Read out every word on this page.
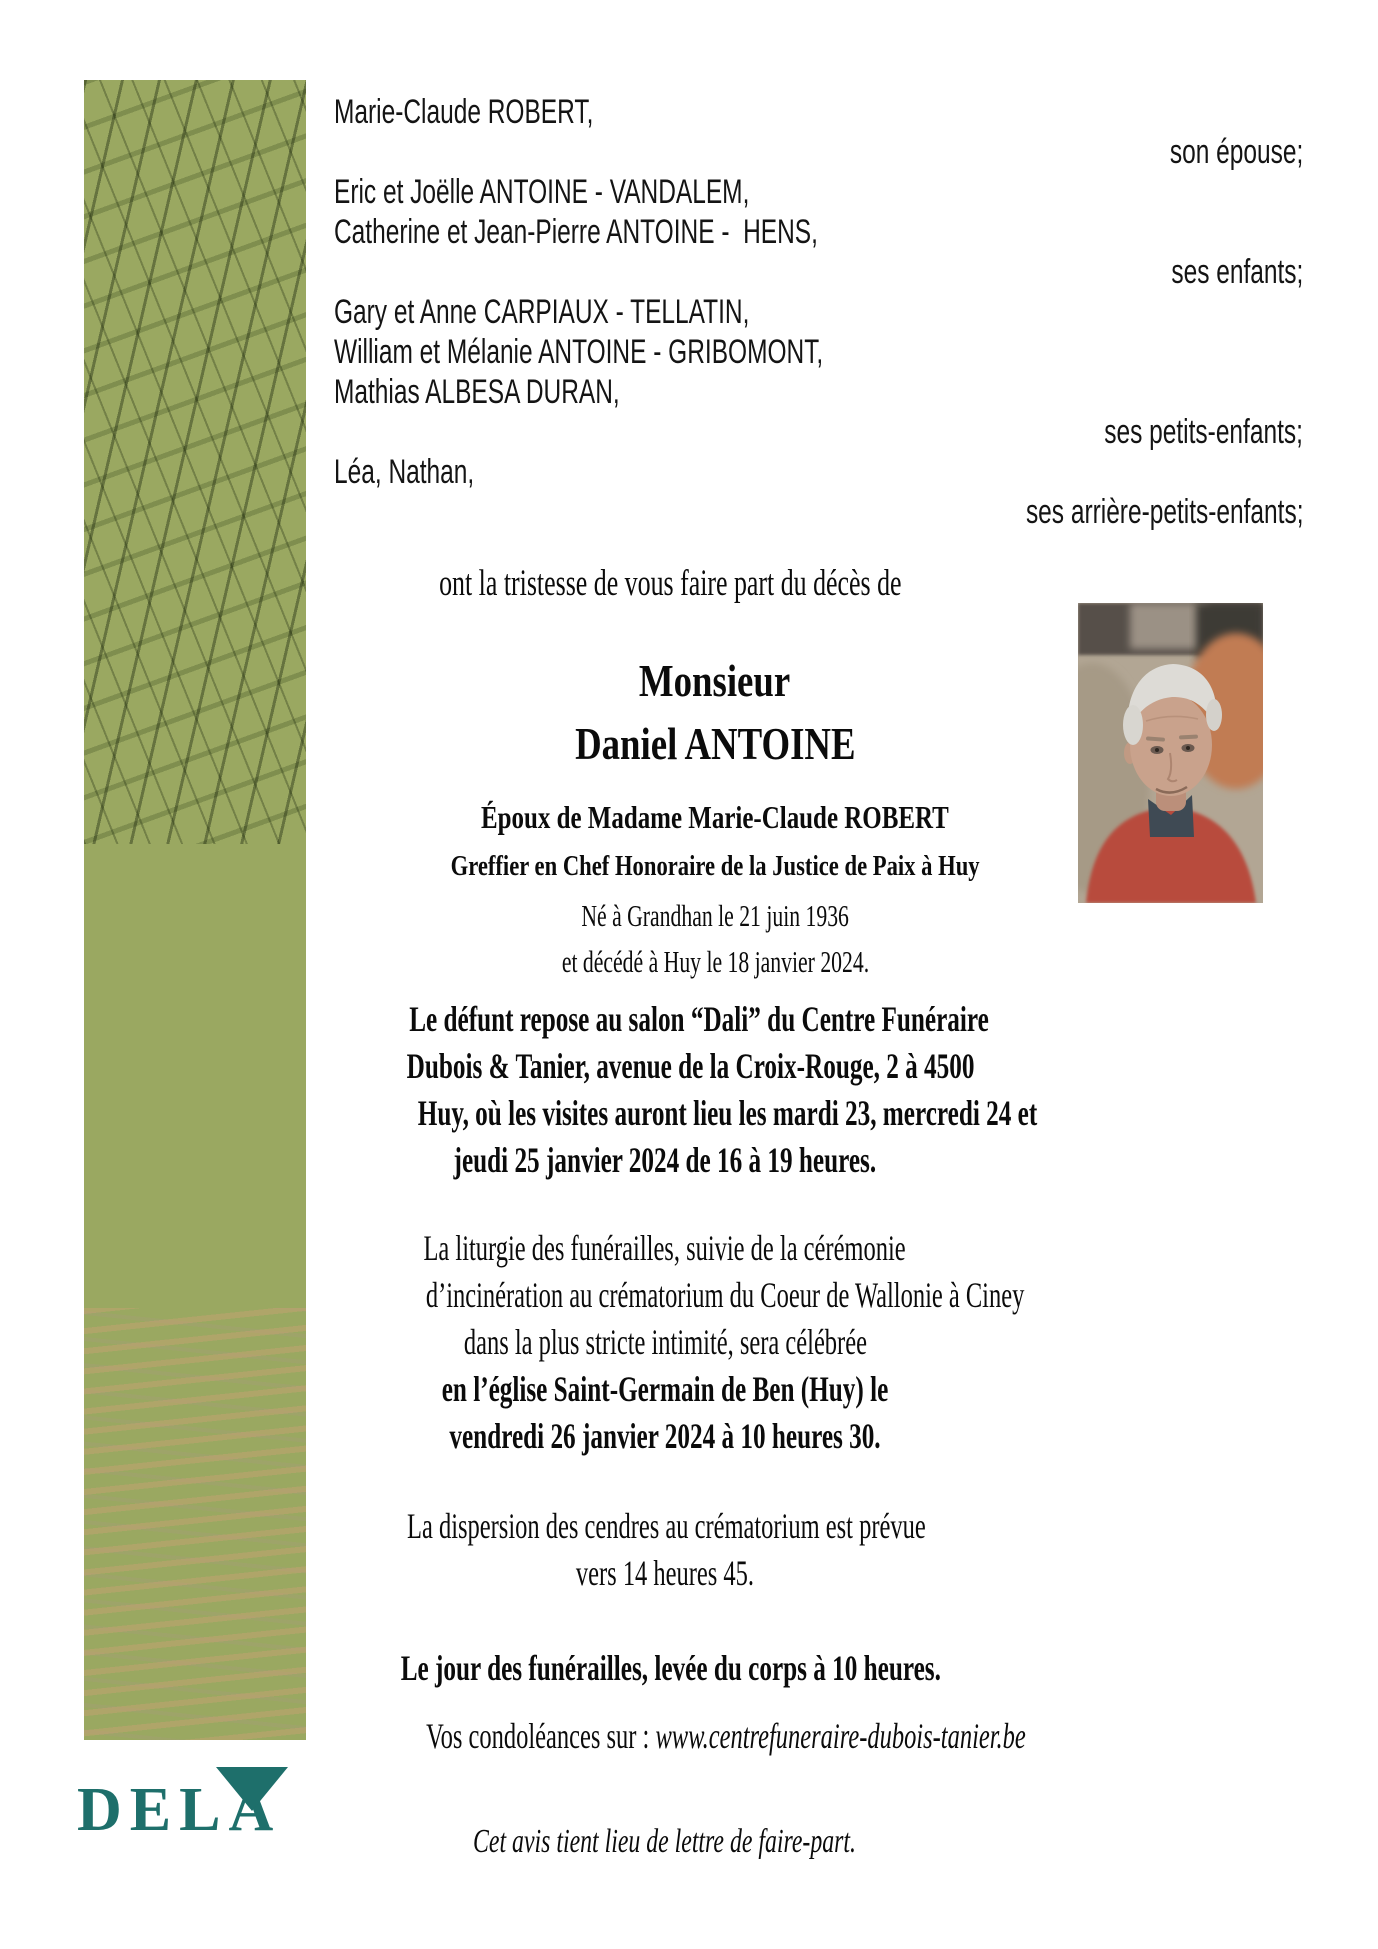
Marie-Claude ROBERT,
son épouse;
Eric et Joëlle ANTOINE - VANDALEM,
Catherine et Jean-Pierre ANTOINE -  HENS,
ses enfants;
Gary et Anne CARPIAUX - TELLATIN,
William et Mélanie ANTOINE - GRIBOMONT,
Mathias ALBESA DURAN,
ses petits-enfants;
Léa, Nathan,
ses arrière-petits-enfants;
ont la tristesse de vous faire part du décès de
Monsieur
Daniel ANTOINE
Époux de Madame Marie-Claude ROBERT
Greffier en Chef Honoraire de la Justice de Paix à Huy
Né à Grandhan le 21 juin 1936
et décédé à Huy le 18 janvier 2024.
Le défunt repose au salon “Dali” du Centre Funéraire
Dubois & Tanier, avenue de la Croix-Rouge, 2 à 4500
Huy, où les visites auront lieu les mardi 23, mercredi 24 et
jeudi 25 janvier 2024 de 16 à 19 heures.
La liturgie des funérailles, suivie de la cérémonie
d’incinération au crématorium du Coeur de Wallonie à Ciney
dans la plus stricte intimité, sera célébrée
en l’église Saint-Germain de Ben (Huy) le
vendredi 26 janvier 2024 à 10 heures 30.
La dispersion des cendres au crématorium est prévue
vers 14 heures 45.
Le jour des funérailles, levée du corps à 10 heures.
Vos condoléances sur : www.centrefuneraire-dubois-tanier.be
Cet avis tient lieu de lettre de faire-part.
DELA
